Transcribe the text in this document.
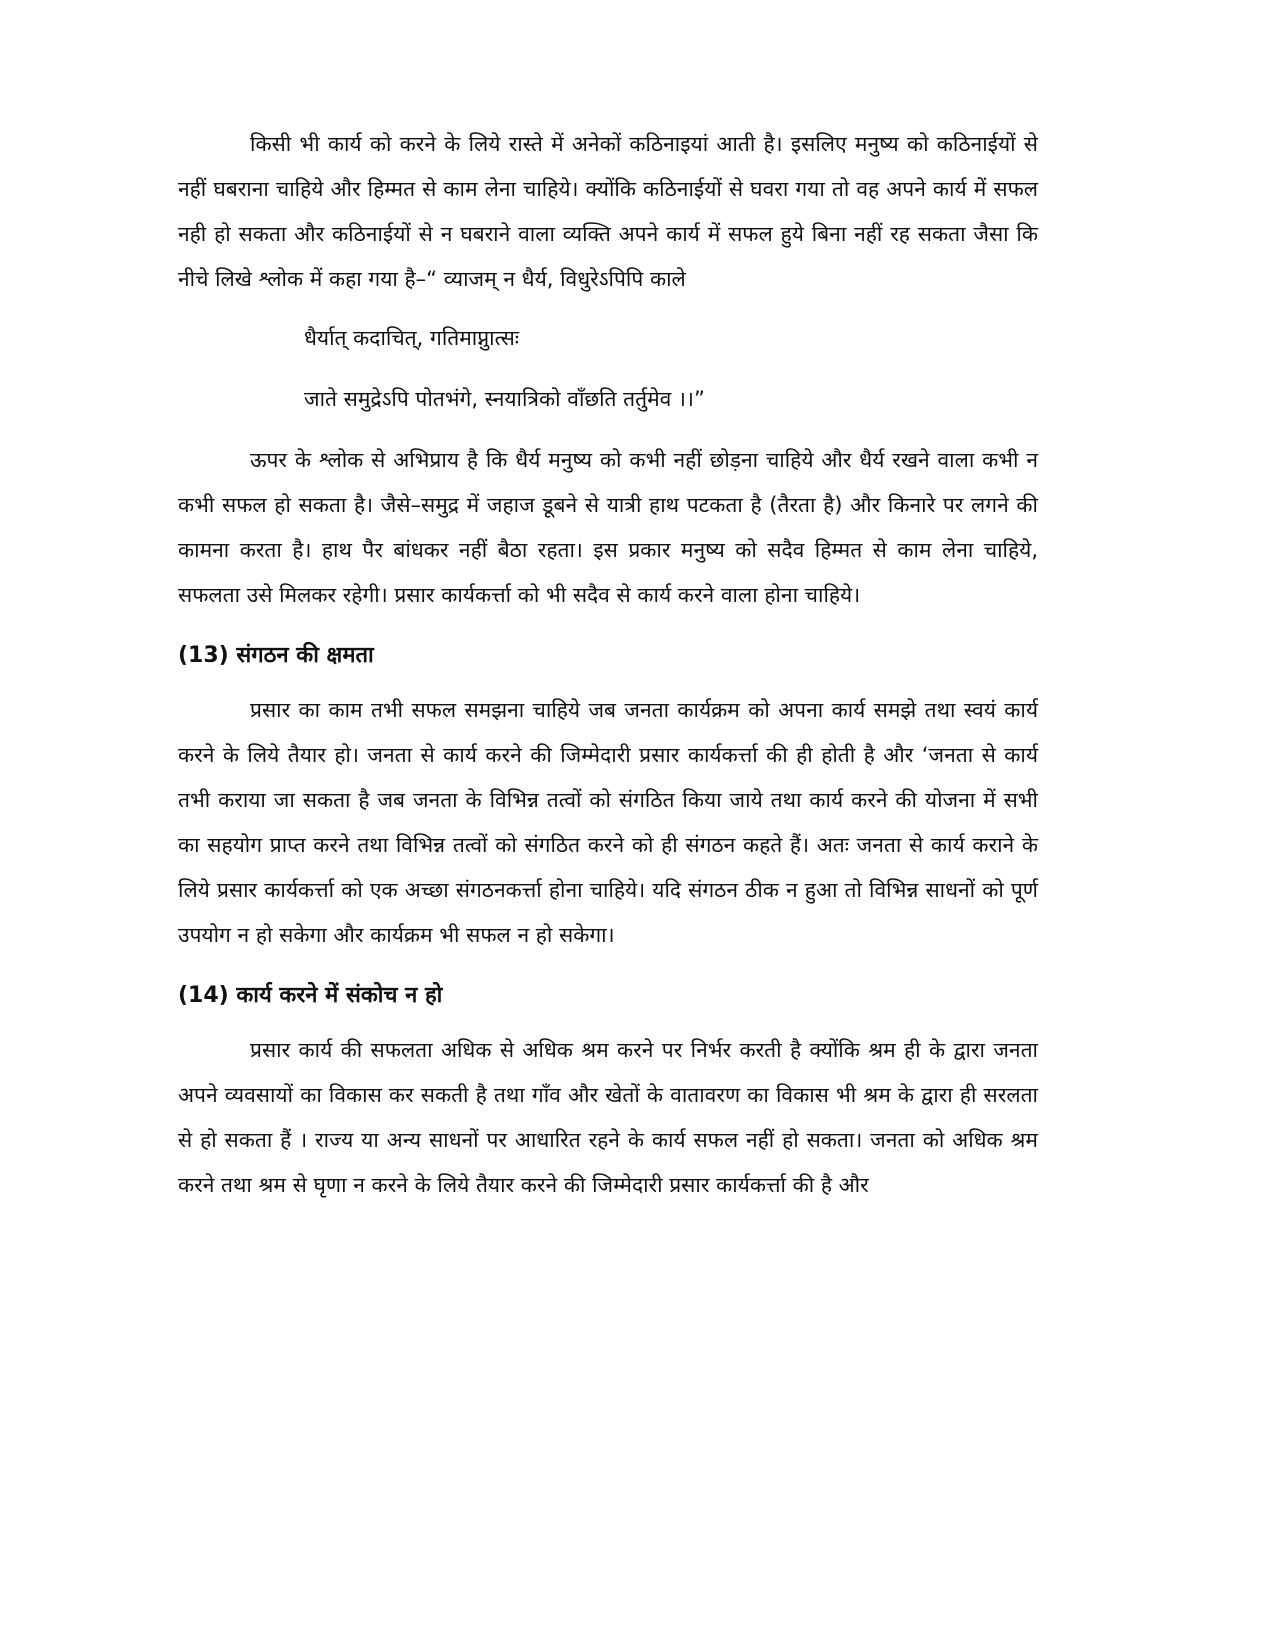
किसी भी कार्य को करने के लिये रास्ते में अनेकों कठिनाइयां आती है। इसलिए मनुष्य को कठिनाईयों से नहीं घबराना चाहिये और हिम्मत से काम लेना चाहिये। क्योंकि कठिनाईयों से घवरा गया तो वह अपने कार्य में सफल नही हो सकता और कठिनाईयों से न घबराने वाला व्यक्ति अपने कार्य में सफल हुये बिना नहीं रह सकता जैसा कि नीचे लिखे श्लोक में कहा गया है–“ व्याजम् न धैर्य, विधुरेऽपिपि काले

धैर्यात् कदाचित्, गतिमाप्नुात्सः

जाते समुद्रेऽपि पोतभंगे, स्नयात्रिको वाँछति तर्तुमेव ।।”

ऊपर के श्लोक से अभिप्राय है कि धैर्य मनुष्य को कभी नहीं छोड़ना चाहिये और धैर्य रखने वाला कभी न कभी सफल हो सकता है। जैसे–समुद्र में जहाज डूबने से यात्री हाथ पटकता है (तैरता है) और किनारे पर लगने की कामना करता है। हाथ पैर बांधकर नहीं बैठा रहता। इस प्रकार मनुष्य को सदैव हिम्मत से काम लेना चाहिये, सफलता उसे मिलकर रहेगी। प्रसार कार्यकर्त्ता को भी सदैव से कार्य करने वाला होना चाहिये।

(13) संगठन की क्षमता

प्रसार का काम तभी सफल समझना चाहिये जब जनता कार्यक्रम को अपना कार्य समझे तथा स्वयं कार्य करने के लिये तैयार हो। जनता से कार्य करने की जिम्मेदारी प्रसार कार्यकर्त्ता की ही होती है और ‘जनता से कार्य तभी कराया जा सकता है जब जनता के विभिन्न तत्वों को संगठित किया जाये तथा कार्य करने की योजना में सभी का सहयोग प्राप्त करने तथा विभिन्न तत्वों को संगठित करने को ही संगठन कहते हैं। अतः जनता से कार्य कराने के लिये प्रसार कार्यकर्त्ता को एक अच्छा संगठनकर्त्ता होना चाहिये। यदि संगठन ठीक न हुआ तो विभिन्न साधनों को पूर्ण उपयोग न हो सकेगा और कार्यक्रम भी सफल न हो सकेगा।

(14) कार्य करने में संकोच न हो

प्रसार कार्य की सफलता अधिक से अधिक श्रम करने पर निर्भर करती है क्योंकि श्रम ही के द्वारा जनता अपने व्यवसायों का विकास कर सकती है तथा गाँव और खेतों के वातावरण का विकास भी श्रम के द्वारा ही सरलता से हो सकता हैं । राज्य या अन्य साधनों पर आधारित रहने के कार्य सफल नहीं हो सकता। जनता को अधिक श्रम करने तथा श्रम से घृणा न करने के लिये तैयार करने की जिम्मेदारी प्रसार कार्यकर्त्ता की है और
